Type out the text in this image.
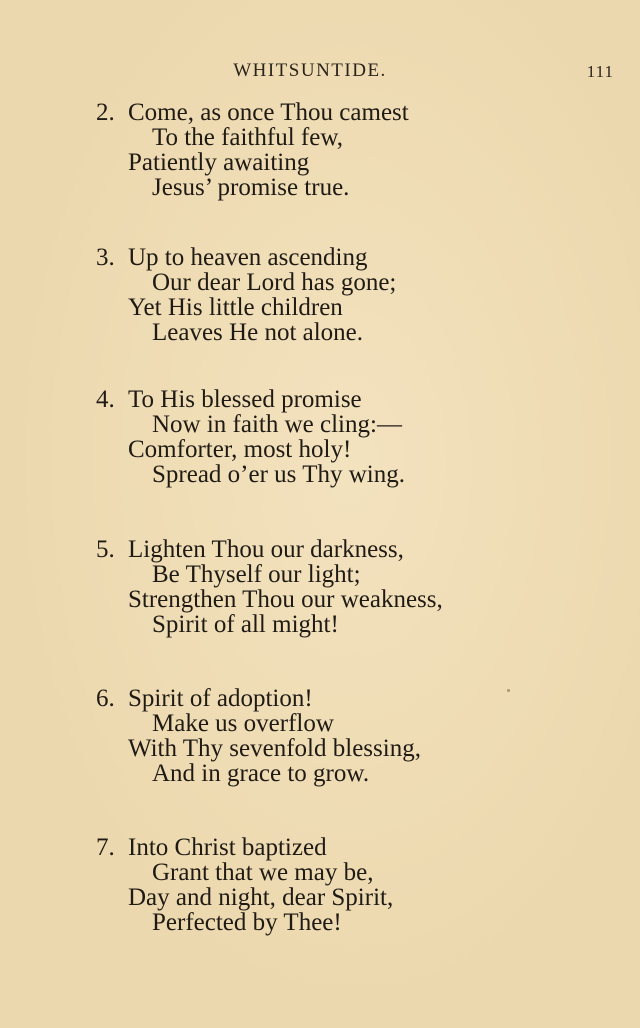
WHITSUNTIDE.	111
2. Come, as once Thou camest
To the faithful few,
Patiently awaiting
Jesus’ promise true.
3. Up to heaven ascending
Our dear Lord has gone;
Yet His little children
Leaves He not alone.
4. To His blessed promise
Now in faith we cling:—
Comforter, most holy!
Spread o’er us Thy wing.
5. Lighten Thou our darkness,
Be Thyself our light;
Strengthen Thou our weakness,
Spirit of all might!
6. Spirit of adoption!
Make us overflow
With Thy sevenfold blessing,
And in grace to grow.
7. Into Christ baptized
Grant that we may be,
Day and night, dear Spirit,
Perfected by Thee!
